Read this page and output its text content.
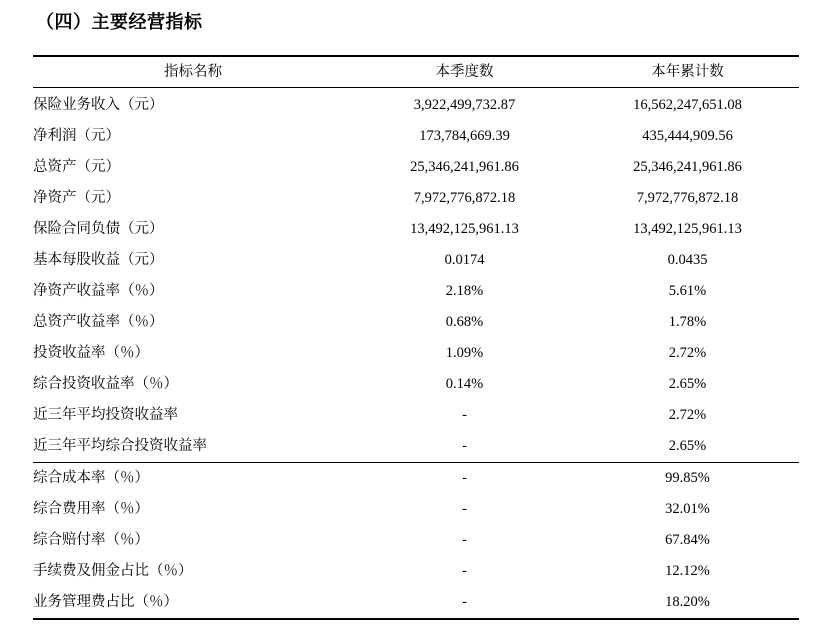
（四）主要经营指标
指标名称	本季度数	本年累计数
保险业务收入（元）	3,922,499,732.87	16,562,247,651.08
净利润（元）	173,784,669.39	435,444,909.56
总资产（元）	25,346,241,961.86	25,346,241,961.86
净资产（元）	7,972,776,872.18	7,972,776,872.18
保险合同负债（元）	13,492,125,961.13	13,492,125,961.13
基本每股收益（元）	0.0174	0.0435
净资产收益率（％）	2.18%	5.61%
总资产收益率（％）	0.68%	1.78%
投资收益率（％）	1.09%	2.72%
综合投资收益率（％）	0.14%	2.65%
近三年平均投资收益率	-	2.72%
近三年平均综合投资收益率	-	2.65%
综合成本率（％）	-	99.85%
综合费用率（％）	-	32.01%
综合赔付率（％）	-	67.84%
手续费及佣金占比（％）	-	12.12%
业务管理费占比（％）	-	18.20%
